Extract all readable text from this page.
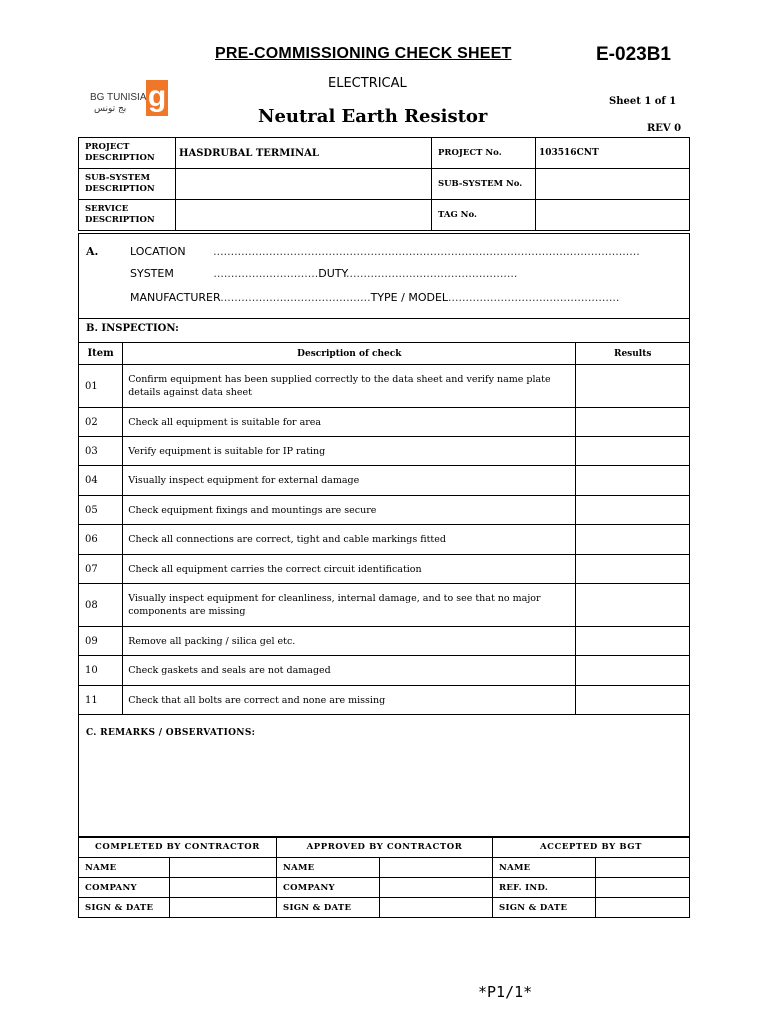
PRE-COMMISSIONING CHECK SHEET	E-023B1
BG TUNISIA
بج تونس g	ELECTRICAL
Sheet 1 of 1
Neutral Earth Resistor
REV 0
PROJECT DESCRIPTION	HASDRUBAL TERMINAL	PROJECT No.	103516CNT
SUB-SYSTEM DESCRIPTION		SUB-SYSTEM No.	
SERVICE DESCRIPTION		TAG No.	
A.	LOCATION	..........................................................................................................................
SYSTEM	..............................DUTY.................................................
MANUFACTURER...........................................TYPE / MODEL.................................................
B. INSPECTION:
Item	Description of check	Results
01	Confirm equipment has been supplied correctly to the data sheet and verify name plate details against data sheet	
02	Check all equipment is suitable for area	
03	Verify equipment is suitable for IP rating	
04	Visually inspect equipment for external damage	
05	Check equipment fixings and mountings are secure	
06	Check all connections are correct, tight and cable markings fitted	
07	Check all equipment carries the correct circuit identification	
08	Visually inspect equipment for cleanliness, internal damage, and to see that no major components are missing	
09	Remove all packing / silica gel etc.	
10	Check gaskets and seals are not damaged	
11	Check that all bolts are correct and none are missing	
C. REMARKS / OBSERVATIONS:
COMPLETED BY CONTRACTOR		APPROVED BY CONTRACTOR		ACCEPTED BY BGT	
NAME		NAME		NAME	
COMPANY		COMPANY		REF. IND.	
SIGN & DATE		SIGN & DATE		SIGN & DATE	
*P1/1*
